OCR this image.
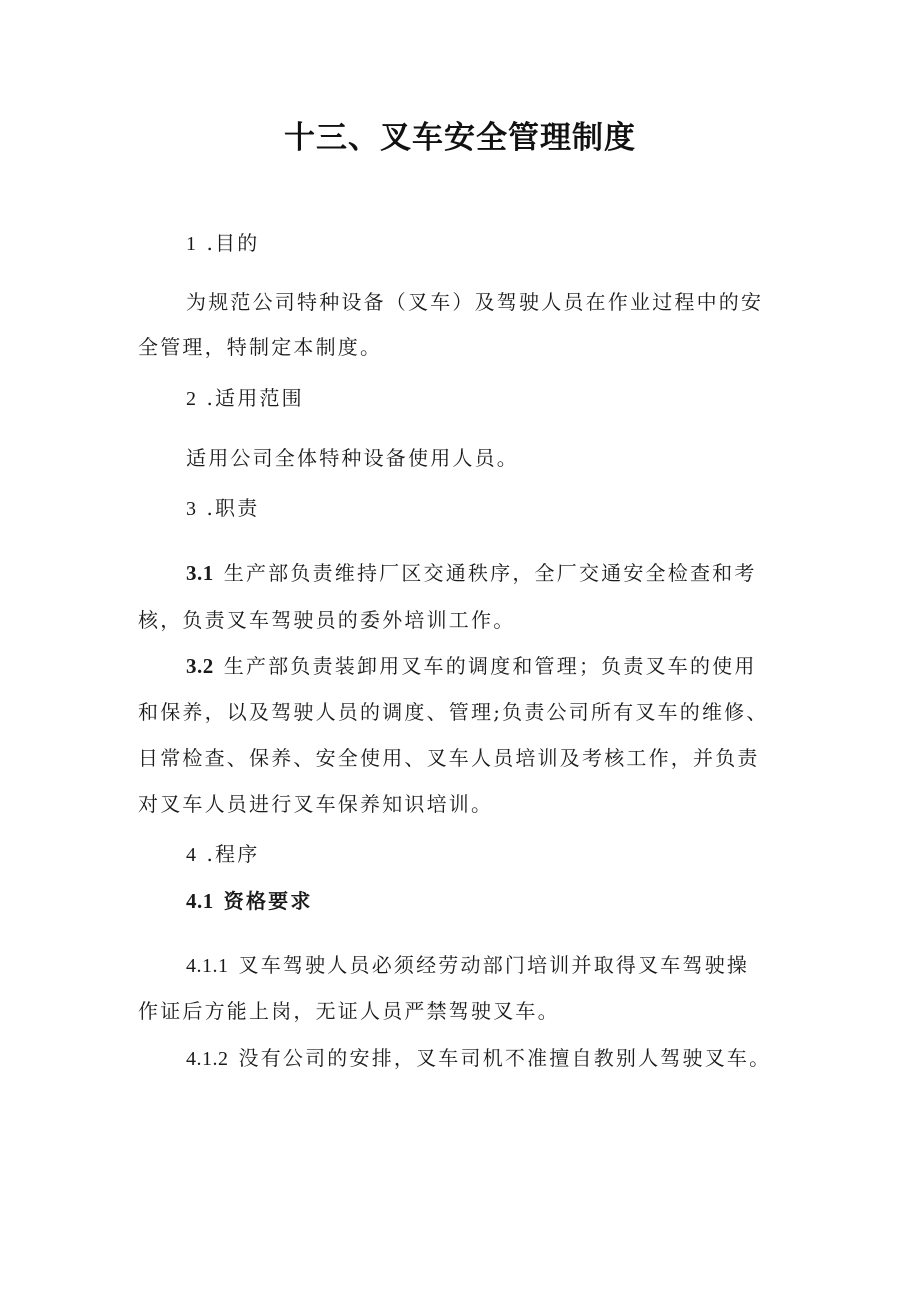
十三、叉车安全管理制度
1 .目的
为规范公司特种设备（叉车）及驾驶人员在作业过程中的安
全管理，特制定本制度。
2 .适用范围
适用公司全体特种设备使用人员。
3 .职责
3.1 生产部负责维持厂区交通秩序，全厂交通安全检查和考
核，负责叉车驾驶员的委外培训工作。
3.2 生产部负责装卸用叉车的调度和管理；负责叉车的使用
和保养，以及驾驶人员的调度、管理;负责公司所有叉车的维修、
日常检查、保养、安全使用、叉车人员培训及考核工作，并负责
对叉车人员进行叉车保养知识培训。
4 .程序
4.1 资格要求
4.1.1 叉车驾驶人员必须经劳动部门培训并取得叉车驾驶操
作证后方能上岗，无证人员严禁驾驶叉车。
4.1.2 没有公司的安排，叉车司机不准擅自教别人驾驶叉车。
